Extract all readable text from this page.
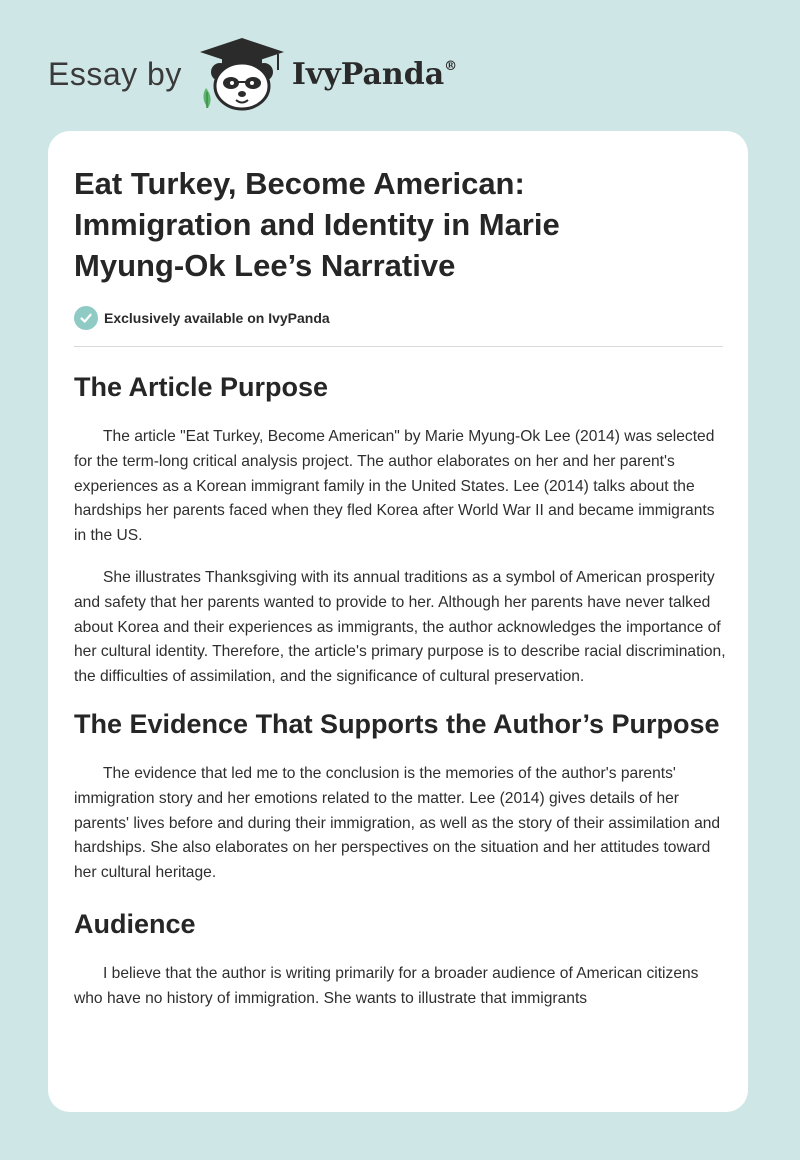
Essay by	IvyPanda®
Eat Turkey, Become American: Immigration and Identity in Marie Myung-Ok Lee’s Narrative
Exclusively available on IvyPanda
The Article Purpose

The article "Eat Turkey, Become American" by Marie Myung-Ok Lee (2014) was selected for the term-long critical analysis project. The author elaborates on her and her parent's experiences as a Korean immigrant family in the United States. Lee (2014) talks about the hardships her parents faced when they fled Korea after World War II and became immigrants in the US.

She illustrates Thanksgiving with its annual traditions as a symbol of American prosperity and safety that her parents wanted to provide to her. Although her parents have never talked about Korea and their experiences as immigrants, the author acknowledges the importance of her cultural identity. Therefore, the article's primary purpose is to describe racial discrimination, the difficulties of assimilation, and the significance of cultural preservation.

The Evidence That Supports the Author’s Purpose

The evidence that led me to the conclusion is the memories of the author's parents' immigration story and her emotions related to the matter. Lee (2014) gives details of her parents' lives before and during their immigration, as well as the story of their assimilation and hardships. She also elaborates on her perspectives on the situation and her attitudes toward her cultural heritage.

Audience

I believe that the author is writing primarily for a broader audience of American citizens who have no history of immigration. She wants to illustrate that immigrants
